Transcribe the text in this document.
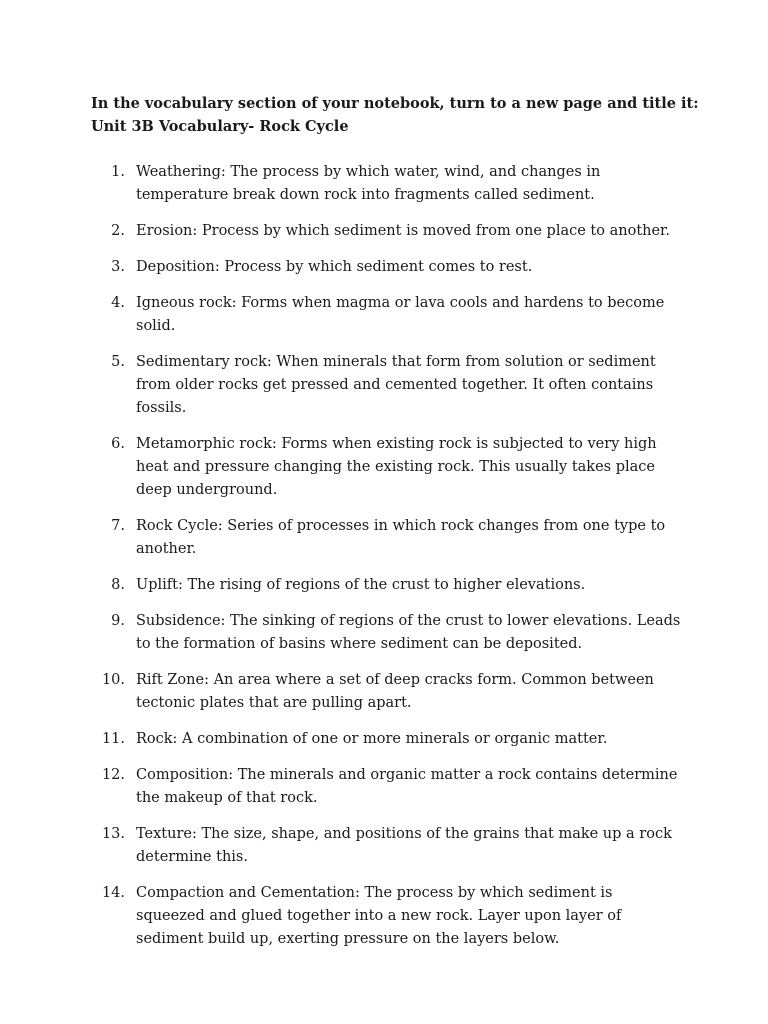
In the vocabulary section of your notebook, turn to a new page and title it:
Unit 3B Vocabulary- Rock Cycle
1. Weathering: The process by which water, wind, and changes in temperature break down rock into fragments called sediment.
2. Erosion: Process by which sediment is moved from one place to another.
3. Deposition: Process by which sediment comes to rest.
4. Igneous rock: Forms when magma or lava cools and hardens to become solid.
5. Sedimentary rock: When minerals that form from solution or sediment from older rocks get pressed and cemented together. It often contains fossils.
6. Metamorphic rock: Forms when existing rock is subjected to very high heat and pressure changing the existing rock. This usually takes place deep underground.
7. Rock Cycle: Series of processes in which rock changes from one type to another.
8. Uplift: The rising of regions of the crust to higher elevations.
9. Subsidence: The sinking of regions of the crust to lower elevations. Leads to the formation of basins where sediment can be deposited.
10. Rift Zone: An area where a set of deep cracks form. Common between tectonic plates that are pulling apart.
11. Rock: A combination of one or more minerals or organic matter.
12. Composition: The minerals and organic matter a rock contains determine the makeup of that rock.
13. Texture: The size, shape, and positions of the grains that make up a rock determine this.
14. Compaction and Cementation: The process by which sediment is squeezed and glued together into a new rock. Layer upon layer of sediment build up, exerting pressure on the layers below.
